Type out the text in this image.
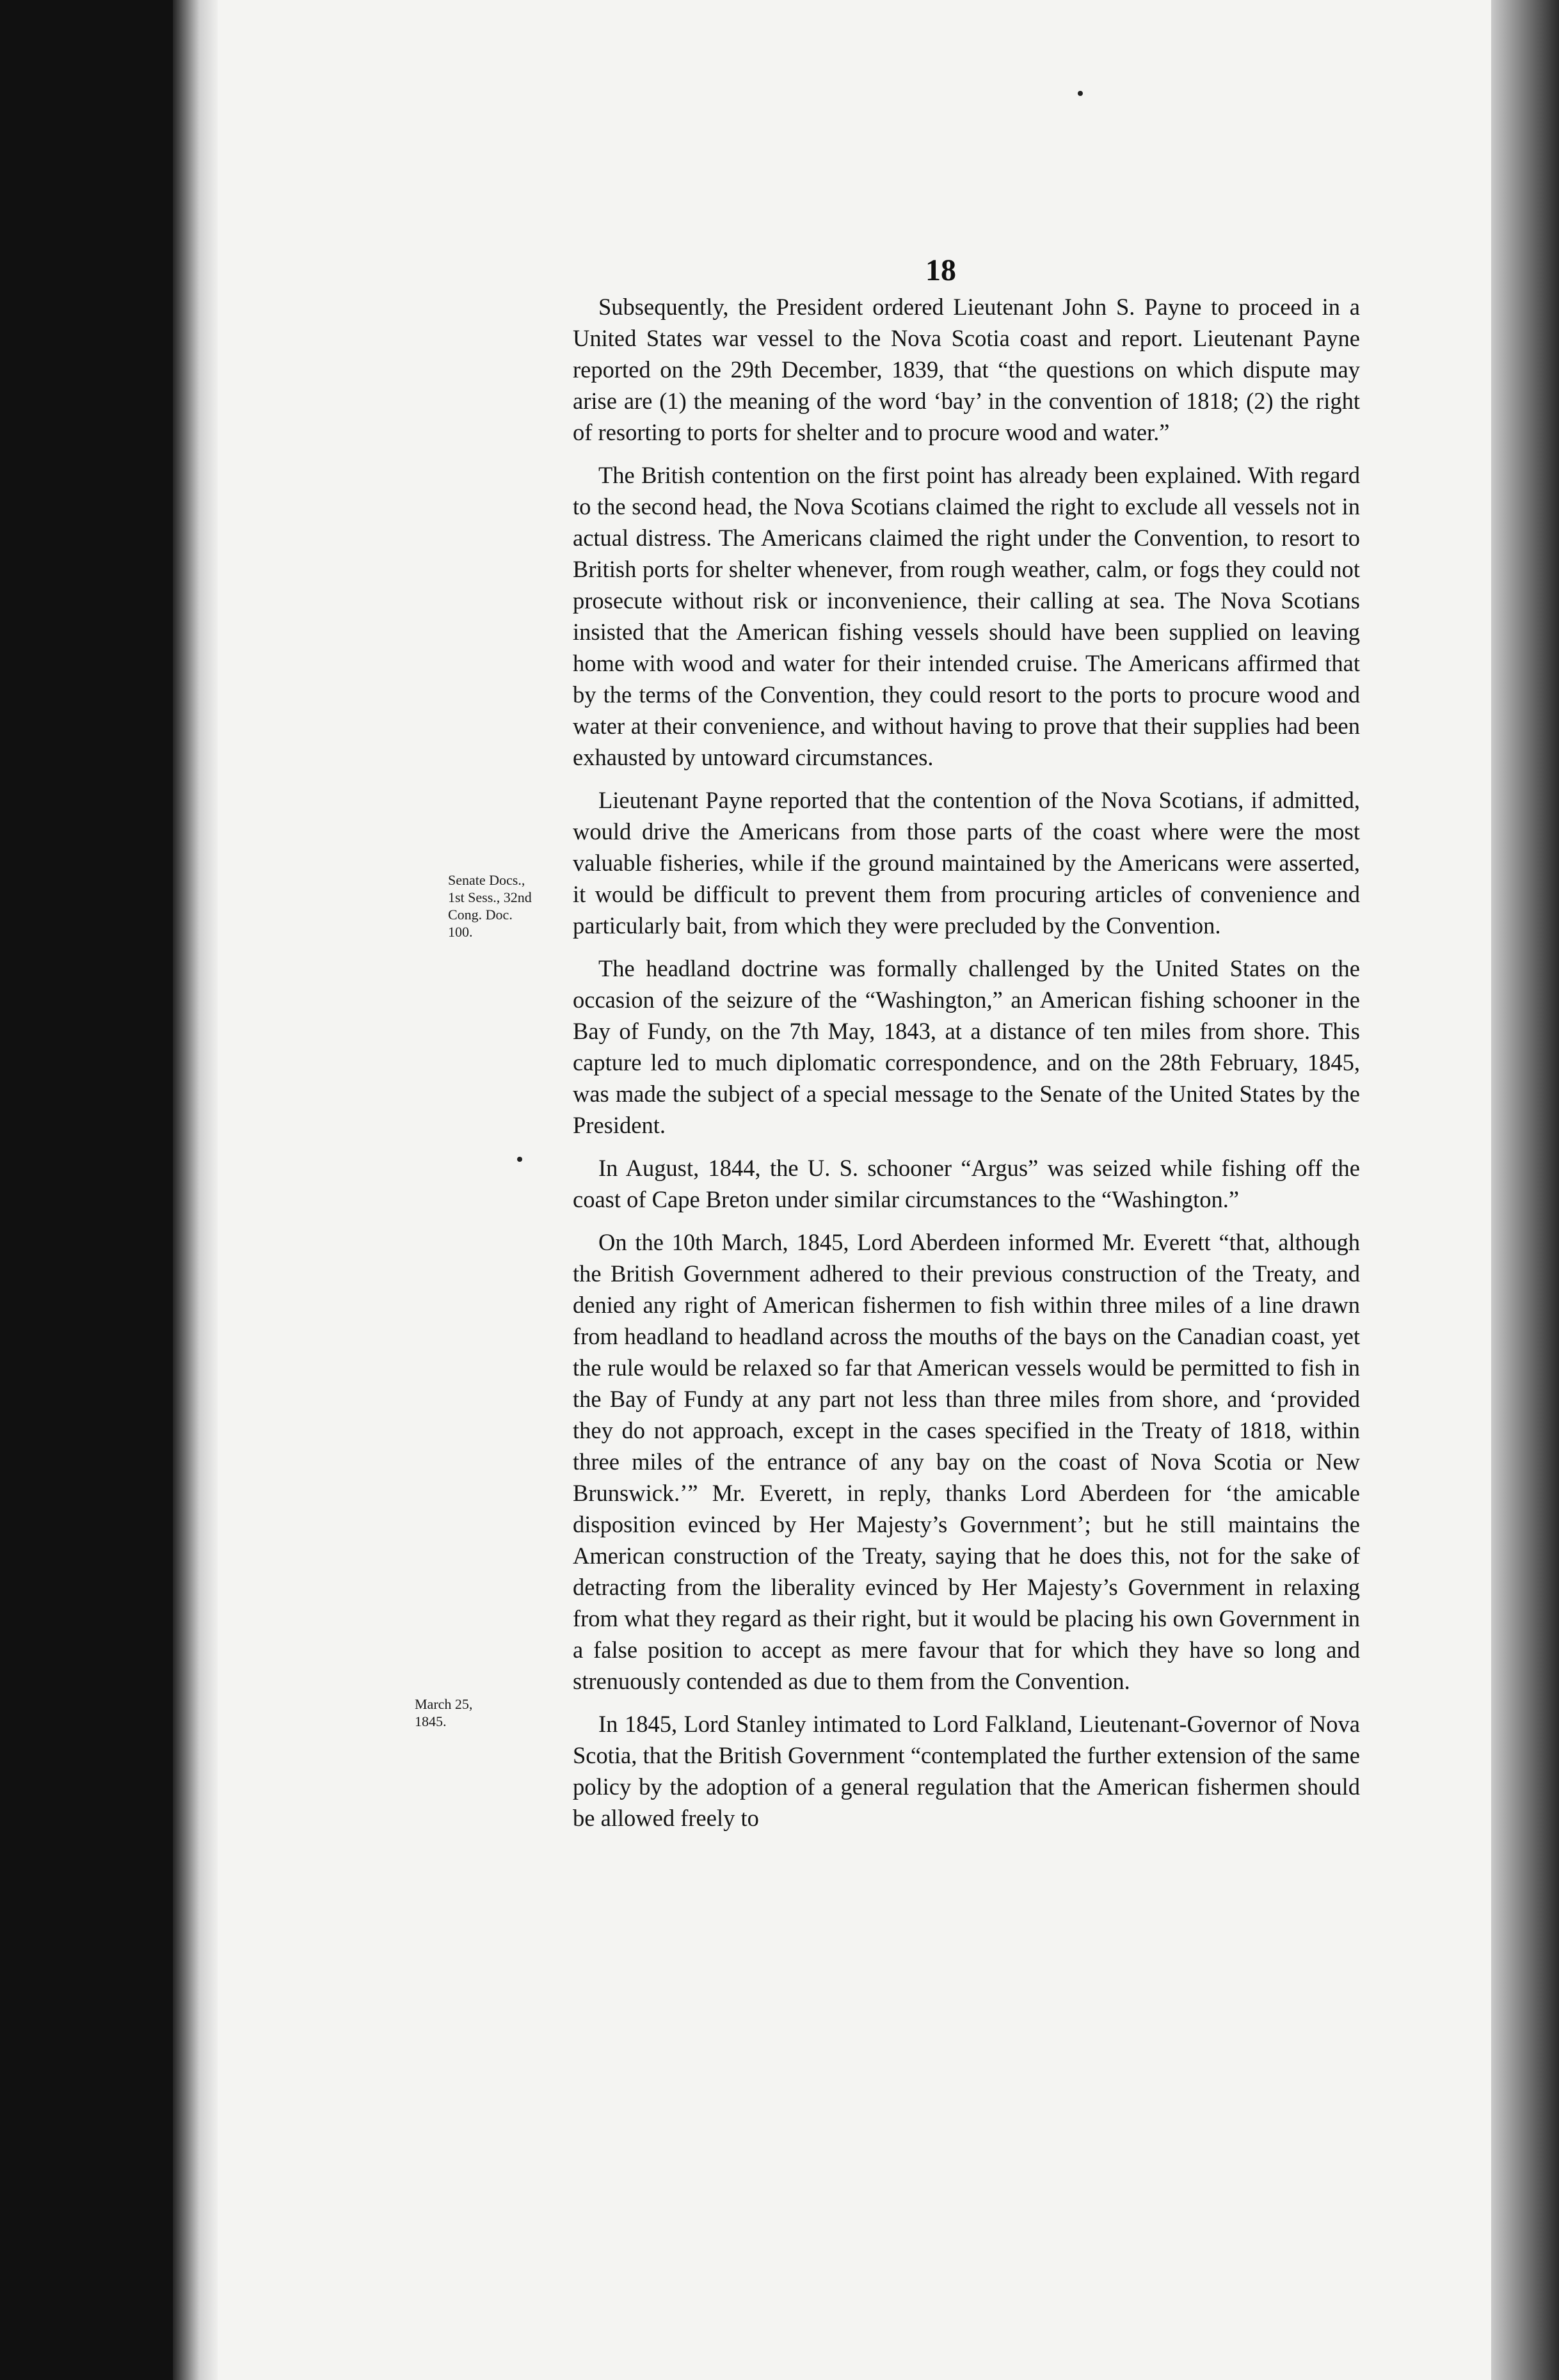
18
Senate Docs., 1st Sess., 32nd Cong. Doc. 100.
March 25, 1845.

Subsequently, the President ordered Lieutenant John S. Payne to proceed in a United States war vessel to the Nova Scotia coast and report. Lieutenant Payne reported on the 29th December, 1839, that “the questions on which dispute may arise are (1) the meaning of the word ‘bay’ in the convention of 1818; (2) the right of resorting to ports for shelter and to procure wood and water.”

The British contention on the first point has already been explained. With regard to the second head, the Nova Scotians claimed the right to exclude all vessels not in actual distress. The Americans claimed the right under the Convention, to resort to British ports for shelter whenever, from rough weather, calm, or fogs they could not prosecute without risk or inconvenience, their calling at sea. The Nova Scotians insisted that the American fishing vessels should have been supplied on leaving home with wood and water for their intended cruise. The Americans affirmed that by the terms of the Convention, they could resort to the ports to procure wood and water at their convenience, and without having to prove that their supplies had been exhausted by untoward circumstances.

Lieutenant Payne reported that the contention of the Nova Scotians, if admitted, would drive the Americans from those parts of the coast where were the most valuable fisheries, while if the ground maintained by the Americans were asserted, it would be difficult to prevent them from procuring articles of convenience and particularly bait, from which they were precluded by the Convention.

The headland doctrine was formally challenged by the United States on the occasion of the seizure of the “Washington,” an American fishing schooner in the Bay of Fundy, on the 7th May, 1843, at a distance of ten miles from shore. This capture led to much diplomatic correspondence, and on the 28th February, 1845, was made the subject of a special message to the Senate of the United States by the President.

In August, 1844, the U. S. schooner “Argus” was seized while fishing off the coast of Cape Breton under similar circumstances to the “Washington.”

On the 10th March, 1845, Lord Aberdeen informed Mr. Everett “that, although the British Government adhered to their previous construction of the Treaty, and denied any right of American fishermen to fish within three miles of a line drawn from headland to headland across the mouths of the bays on the Canadian coast, yet the rule would be relaxed so far that American vessels would be permitted to fish in the Bay of Fundy at any part not less than three miles from shore, and ‘provided they do not approach, except in the cases specified in the Treaty of 1818, within three miles of the entrance of any bay on the coast of Nova Scotia or New Brunswick.’” Mr. Everett, in reply, thanks Lord Aberdeen for ‘the amicable disposition evinced by Her Majesty’s Government’; but he still maintains the American construction of the Treaty, saying that he does this, not for the sake of detracting from the liberality evinced by Her Majesty’s Government in relaxing from what they regard as their right, but it would be placing his own Government in a false position to accept as mere favour that for which they have so long and strenuously contended as due to them from the Convention.

In 1845, Lord Stanley intimated to Lord Falkland, Lieutenant-Governor of Nova Scotia, that the British Government “contemplated the further extension of the same policy by the adoption of a general regulation that the American fishermen should be allowed freely to
